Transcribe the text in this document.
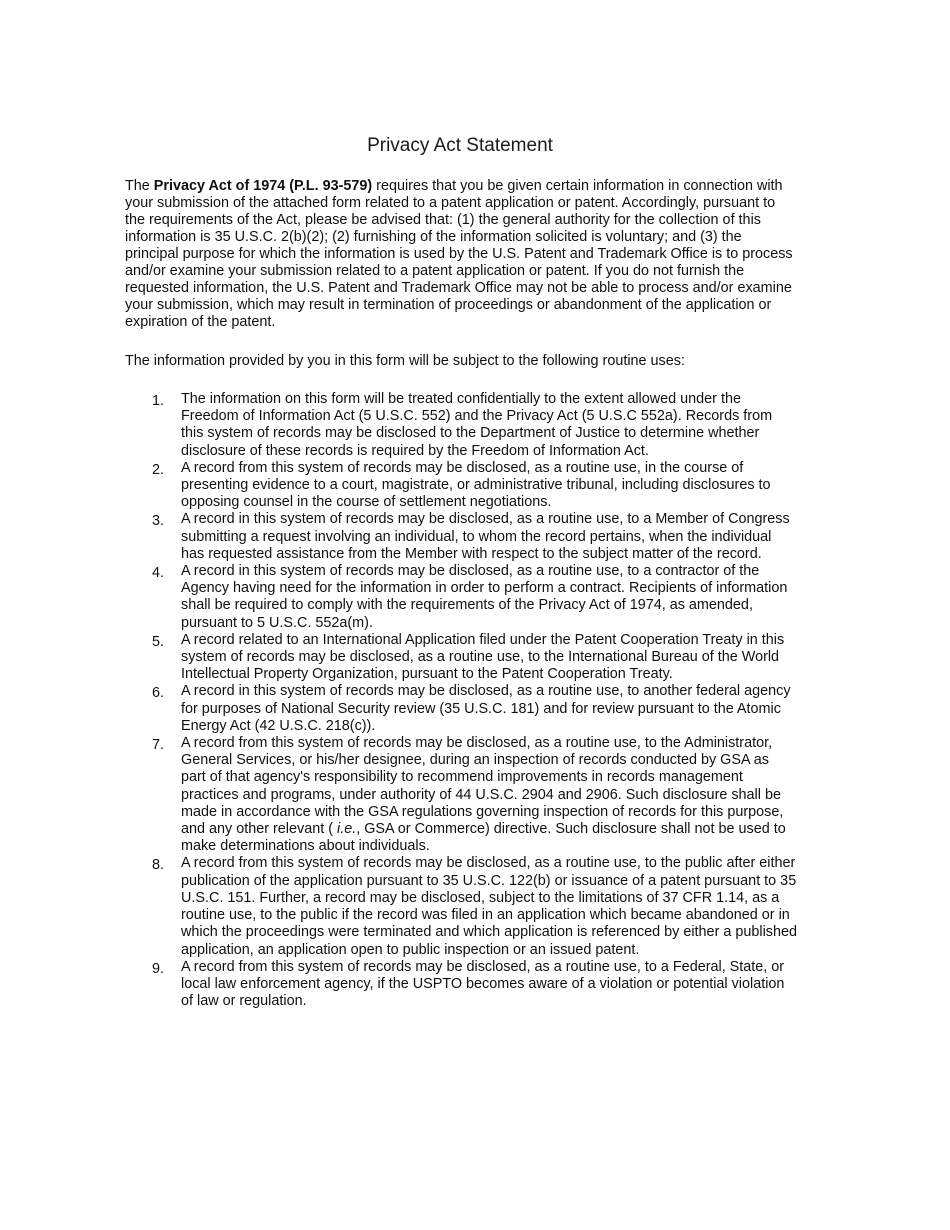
Privacy Act Statement

The Privacy Act of 1974 (P.L. 93-579) requires that you be given certain information in connection with your submission of the attached form related to a patent application or patent. Accordingly, pursuant to the requirements of the Act, please be advised that: (1) the general authority for the collection of this information is 35 U.S.C. 2(b)(2); (2) furnishing of the information solicited is voluntary; and (3) the principal purpose for which the information is used by the U.S. Patent and Trademark Office is to process and/or examine your submission related to a patent application or patent. If you do not furnish the requested information, the U.S. Patent and Trademark Office may not be able to process and/or examine your submission, which may result in termination of proceedings or abandonment of the application or expiration of the patent.

The information provided by you in this form will be subject to the following routine uses:

1.	The information on this form will be treated confidentially to the extent allowed under the Freedom of Information Act (5 U.S.C. 552) and the Privacy Act (5 U.S.C 552a). Records from this system of records may be disclosed to the Department of Justice to determine whether disclosure of these records is required by the Freedom of Information Act.
2.	A record from this system of records may be disclosed, as a routine use, in the course of presenting evidence to a court, magistrate, or administrative tribunal, including disclosures to opposing counsel in the course of settlement negotiations.
3.	A record in this system of records may be disclosed, as a routine use, to a Member of Congress submitting a request involving an individual, to whom the record pertains, when the individual has requested assistance from the Member with respect to the subject matter of the record.
4.	A record in this system of records may be disclosed, as a routine use, to a contractor of the Agency having need for the information in order to perform a contract. Recipients of information shall be required to comply with the requirements of the Privacy Act of 1974, as amended, pursuant to 5 U.S.C. 552a(m).
5.	A record related to an International Application filed under the Patent Cooperation Treaty in this system of records may be disclosed, as a routine use, to the International Bureau of the World Intellectual Property Organization, pursuant to the Patent Cooperation Treaty.
6.	A record in this system of records may be disclosed, as a routine use, to another federal agency for purposes of National Security review (35 U.S.C. 181) and for review pursuant to the Atomic Energy Act (42 U.S.C. 218(c)).
7.	A record from this system of records may be disclosed, as a routine use, to the Administrator, General Services, or his/her designee, during an inspection of records conducted by GSA as part of that agency's responsibility to recommend improvements in records management practices and programs, under authority of 44 U.S.C. 2904 and 2906. Such disclosure shall be made in accordance with the GSA regulations governing inspection of records for this purpose, and any other relevant ( i.e., GSA or Commerce) directive. Such disclosure shall not be used to make determinations about individuals.
8.	A record from this system of records may be disclosed, as a routine use, to the public after either publication of the application pursuant to 35 U.S.C. 122(b) or issuance of a patent pursuant to 35 U.S.C. 151. Further, a record may be disclosed, subject to the limitations of 37 CFR 1.14, as a routine use, to the public if the record was filed in an application which became abandoned or in which the proceedings were terminated and which application is referenced by either a published application, an application open to public inspection or an issued patent.
9.	A record from this system of records may be disclosed, as a routine use, to a Federal, State, or local law enforcement agency, if the USPTO becomes aware of a violation or potential violation of law or regulation.
